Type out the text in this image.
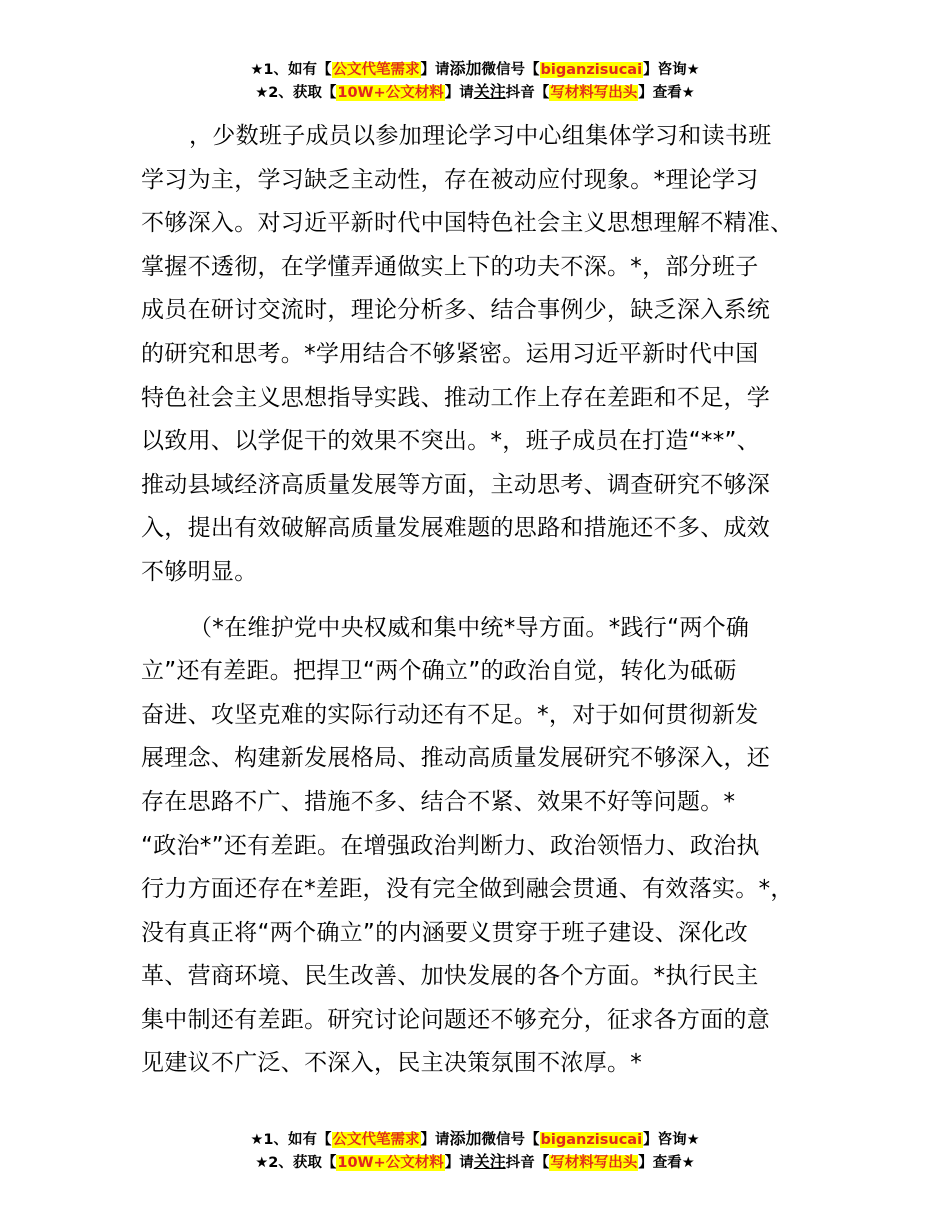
★1、如有【公文代笔需求】请添加微信号【biganzisucai】咨询★
★2、获取【10W+公文材料】请关注抖音【写材料写出头】查看★
，少数班子成员以参加理论学习中心组集体学习和读书班
学习为主，学习缺乏主动性，存在被动应付现象。*理论学习
不够深入。对习近平新时代中国特色社会主义思想理解不精准、
掌握不透彻，在学懂弄通做实上下的功夫不深。*，部分班子
成员在研讨交流时，理论分析多、结合事例少，缺乏深入系统
的研究和思考。*学用结合不够紧密。运用习近平新时代中国
特色社会主义思想指导实践、推动工作上存在差距和不足，学
以致用、以学促干的效果不突出。*，班子成员在打造“**”、
推动县域经济高质量发展等方面，主动思考、调查研究不够深
入，提出有效破解高质量发展难题的思路和措施还不多、成效
不够明显。
（*在维护党中央权威和集中统*导方面。*践行“两个确
立”还有差距。把捍卫“两个确立”的政治自觉，转化为砥砺
奋进、攻坚克难的实际行动还有不足。*，对于如何贯彻新发
展理念、构建新发展格局、推动高质量发展研究不够深入，还
存在思路不广、措施不多、结合不紧、效果不好等问题。*
“政治*”还有差距。在增强政治判断力、政治领悟力、政治执
行力方面还存在*差距，没有完全做到融会贯通、有效落实。*，
没有真正将“两个确立”的内涵要义贯穿于班子建设、深化改
革、营商环境、民生改善、加快发展的各个方面。*执行民主
集中制还有差距。研究讨论问题还不够充分，征求各方面的意
见建议不广泛、不深入，民主决策氛围不浓厚。*
★1、如有【公文代笔需求】请添加微信号【biganzisucai】咨询★
★2、获取【10W+公文材料】请关注抖音【写材料写出头】查看★
